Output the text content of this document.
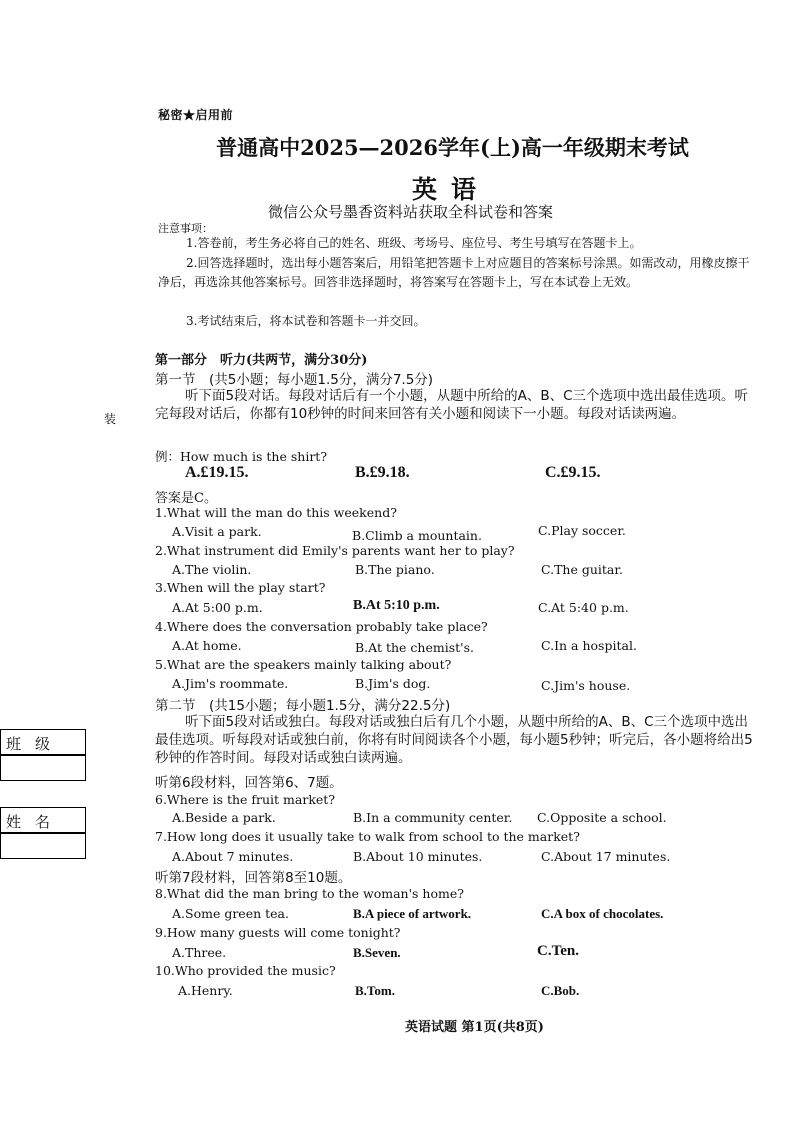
秘密★启用前
普通高中2025—2026学年(上)高一年级期末考试
英语
微信公众号墨香资料站获取全科试卷和答案
注意事项：
1.答卷前，考生务必将自己的姓名、班级、考场号、座位号、考生号填写在答题卡上。
2.回答选择题时，选出每小题答案后，用铅笔把答题卡上对应题目的答案标号涂黑。如需改动，用橡皮擦干净后，再选涂其他答案标号。回答非选择题时，将答案写在答题卡上，写在本试卷上无效。
3.考试结束后，将本试卷和答题卡一并交回。
第一部分　听力(共两节，满分30分)
第一节　(共5小题；每小题1.5分，满分7.5分)
听下面5段对话。每段对话后有一个小题，从题中所给的A、B、C三个选项中选出最佳选项。听完每段对话后，你都有10秒钟的时间来回答有关小题和阅读下一小题。每段对话读两遍。
装
例：How much is the shirt?
A.£19.15.	B.£9.18.	C.£9.15.
答案是C。
1.What will the man do this weekend?
A.Visit a park.	B.Climb a mountain.	C.Play soccer.
2.What instrument did Emily's parents want her to play?
A.The violin.	B.The piano.	C.The guitar.
3.When will the play start?
A.At 5:00 p.m.	B.At 5:10 p.m.	C.At 5:40 p.m.
4.Where does the conversation probably take place?
A.At home.	B.At the chemist's.	C.In a hospital.
5.What are the speakers mainly talking about?
A.Jim's roommate.	B.Jim's dog.	C.Jim's house.
第二节　(共15小题；每小题1.5分，满分22.5分)
听下面5段对话或独白。每段对话或独白后有几个小题，从题中所给的A、B、C三个选项中选出最佳选项。听每段对话或独白前，你将有时间阅读各个小题，每小题5秒钟；听完后，各小题将给出5秒钟的作答时间。每段对话或独白读两遍。
听第6段材料，回答第6、7题。
班级
姓名
6.Where is the fruit market?
A.Beside a park.	B.In a community center. C.Opposite a school.
7.How long does it usually take to walk from school to the market?
A.About 7 minutes.	B.About 10 minutes.	C.About 17 minutes.
听第7段材料，回答第8至10题。
8.What did the man bring to the woman's home?
A.Some green tea.	B.A piece of artwork.	C.A box of chocolates.
9.How many guests will come tonight?
A.Three.	B.Seven.	C.Ten.
10.Who provided the music?
A.Henry.	B.Tom.	C.Bob.
英语试题 第1页(共8页)
